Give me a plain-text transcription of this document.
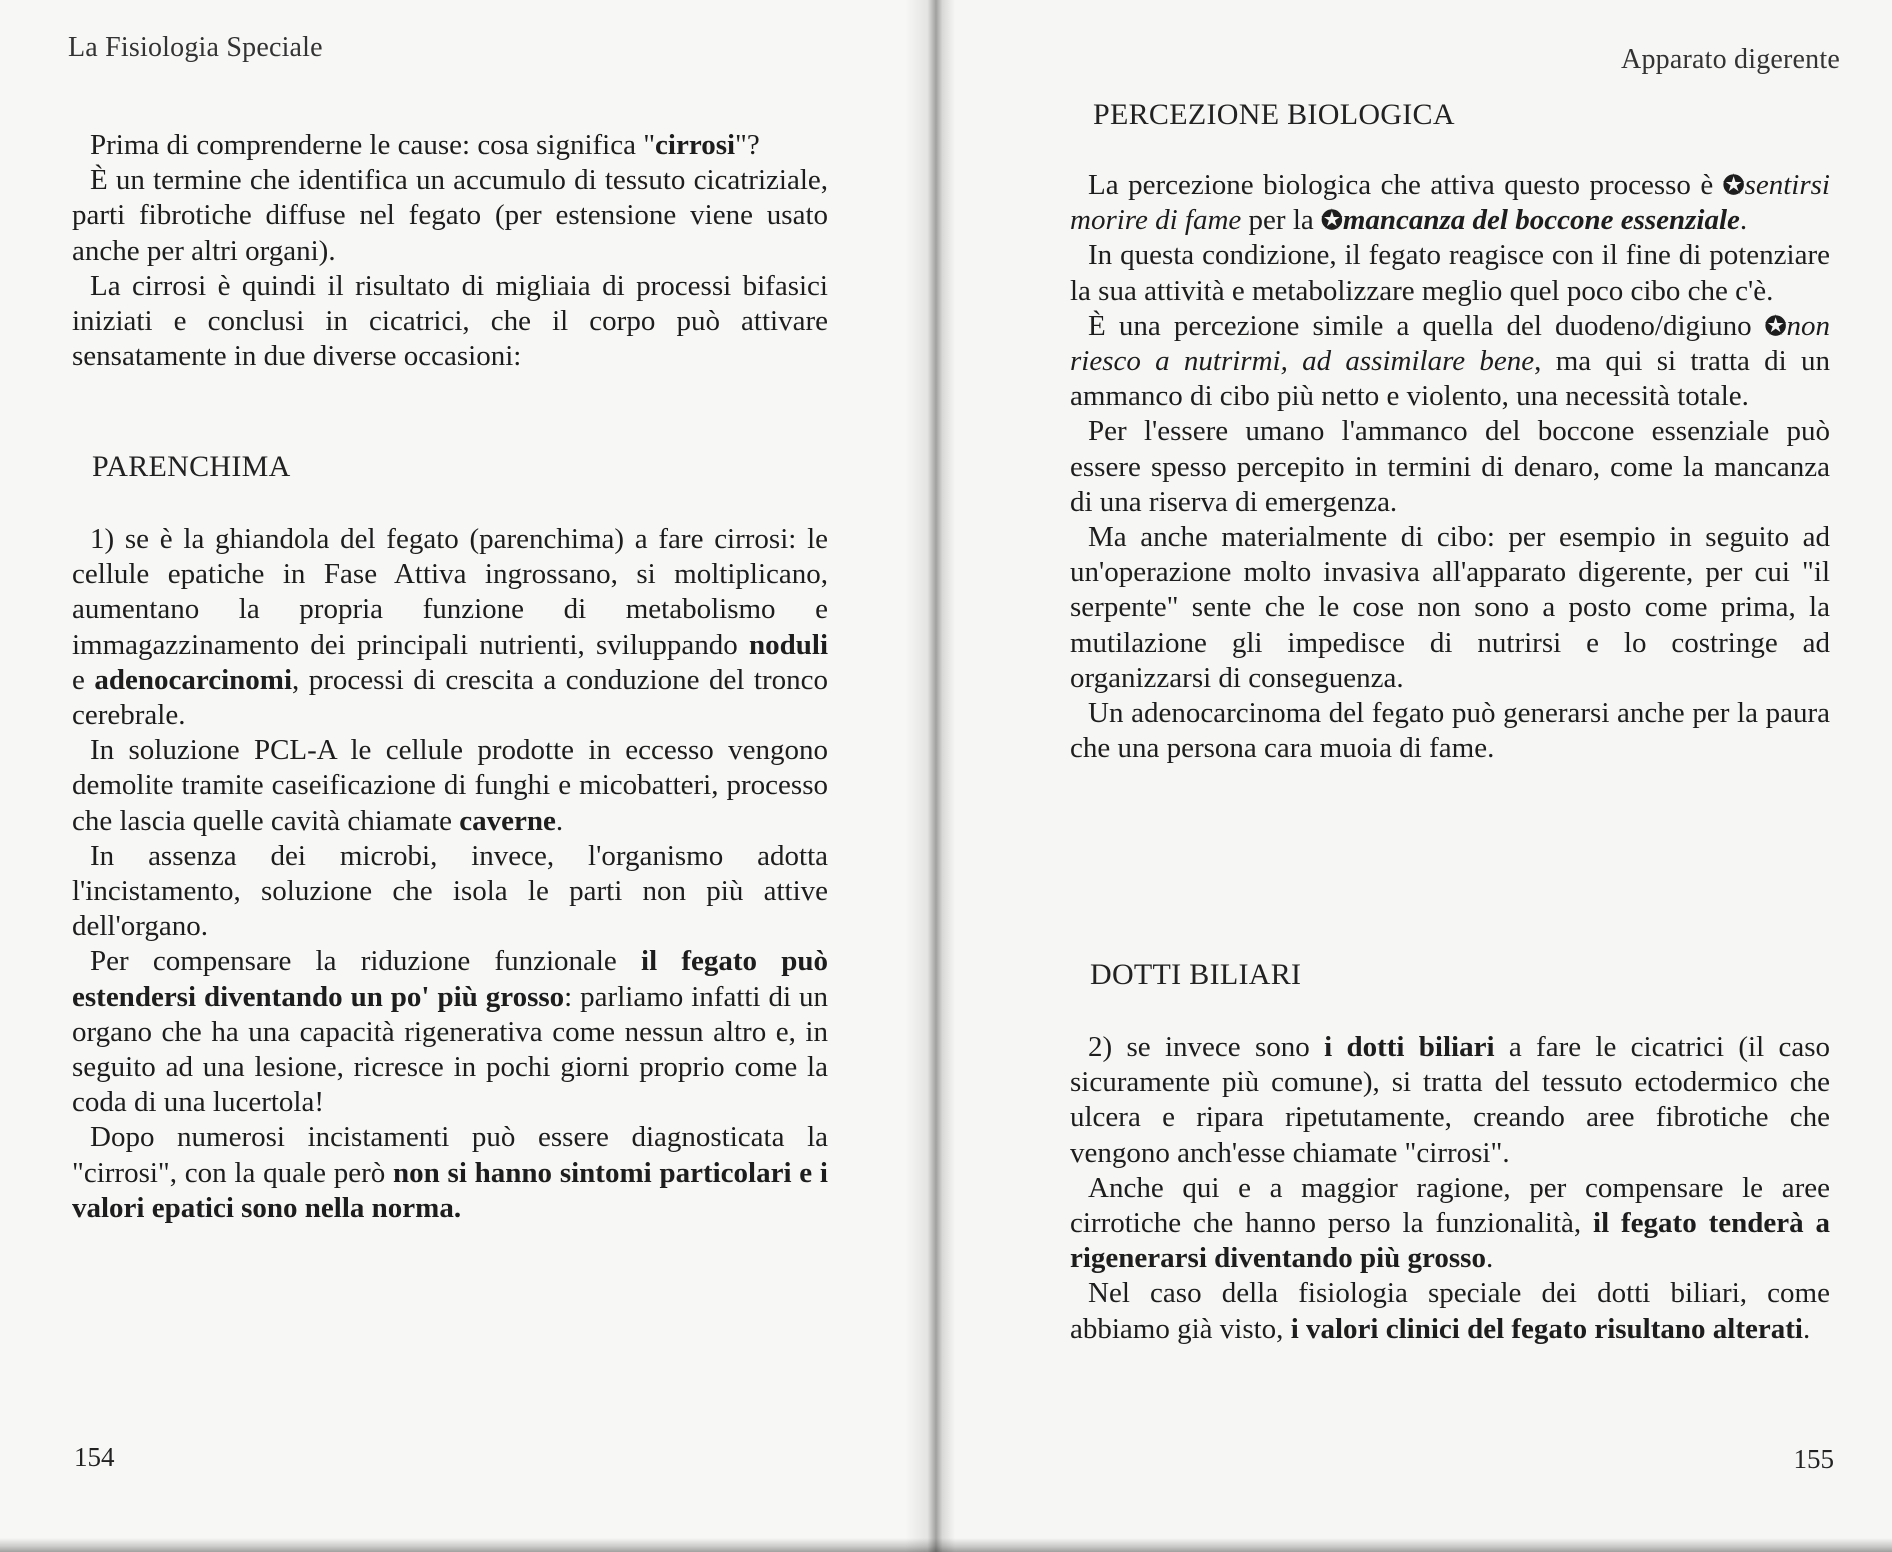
La Fisiologia Speciale

Prima di comprenderne le cause: cosa significa "cirrosi"?

È un termine che identifica un accumulo di tessuto cicatriziale, parti fibrotiche diffuse nel fegato (per estensione viene usato anche per altri organi).

La cirrosi è quindi il risultato di migliaia di processi bifasici iniziati e conclusi in cicatrici, che il corpo può attivare sensatamente in due diverse occasioni:

PARENCHIMA

1) se è la ghiandola del fegato (parenchima) a fare cirrosi: le cellule epatiche in Fase Attiva ingrossano, si moltiplicano, aumentano la propria funzione di metabolismo e immagazzinamento dei principali nutrienti, sviluppando noduli e adenocarcinomi, processi di crescita a conduzione del tronco cerebrale.

In soluzione PCL-A le cellule prodotte in eccesso vengono demolite tramite caseificazione di funghi e micobatteri, processo che lascia quelle cavità chiamate caverne.

In assenza dei microbi, invece, l'organismo adotta l'incistamento, soluzione che isola le parti non più attive dell'organo.

Per compensare la riduzione funzionale il fegato può estendersi diventando un po' più grosso: parliamo infatti di un organo che ha una capacità rigenerativa come nessun altro e, in seguito ad una lesione, ricresce in pochi giorni proprio come la coda di una lucertola!

Dopo numerosi incistamenti può essere diagnosticata la "cirrosi", con la quale però non si hanno sintomi particolari e i valori epatici sono nella norma.

154
Apparato digerente
PERCEZIONE BIOLOGICA

La percezione biologica che attiva questo processo è ✪sentirsi morire di fame per la ✪mancanza del boccone essenziale.

In questa condizione, il fegato reagisce con il fine di potenziare la sua attività e metabolizzare meglio quel poco cibo che c'è.

È una percezione simile a quella del duodeno/digiuno ✪non riesco a nutrirmi, ad assimilare bene, ma qui si tratta di un ammanco di cibo più netto e violento, una necessità totale.

Per l'essere umano l'ammanco del boccone essenziale può essere spesso percepito in termini di denaro, come la mancanza di una riserva di emergenza.

Ma anche materialmente di cibo: per esempio in seguito ad un'operazione molto invasiva all'apparato digerente, per cui "il serpente" sente che le cose non sono a posto come prima, la mutilazione gli impedisce di nutrirsi e lo costringe ad organizzarsi di conseguenza.

Un adenocarcinoma del fegato può generarsi anche per la paura che una persona cara muoia di fame.

DOTTI BILIARI

2) se invece sono i dotti biliari a fare le cicatrici (il caso sicuramente più comune), si tratta del tessuto ectodermico che ulcera e ripara ripetutamente, creando aree fibrotiche che vengono anch'esse chiamate "cirrosi".

Anche qui e a maggior ragione, per compensare le aree cirrotiche che hanno perso la funzionalità, il fegato tenderà a rigenerarsi diventando più grosso.

Nel caso della fisiologia speciale dei dotti biliari, come abbiamo già visto, i valori clinici del fegato risultano alterati.

155
